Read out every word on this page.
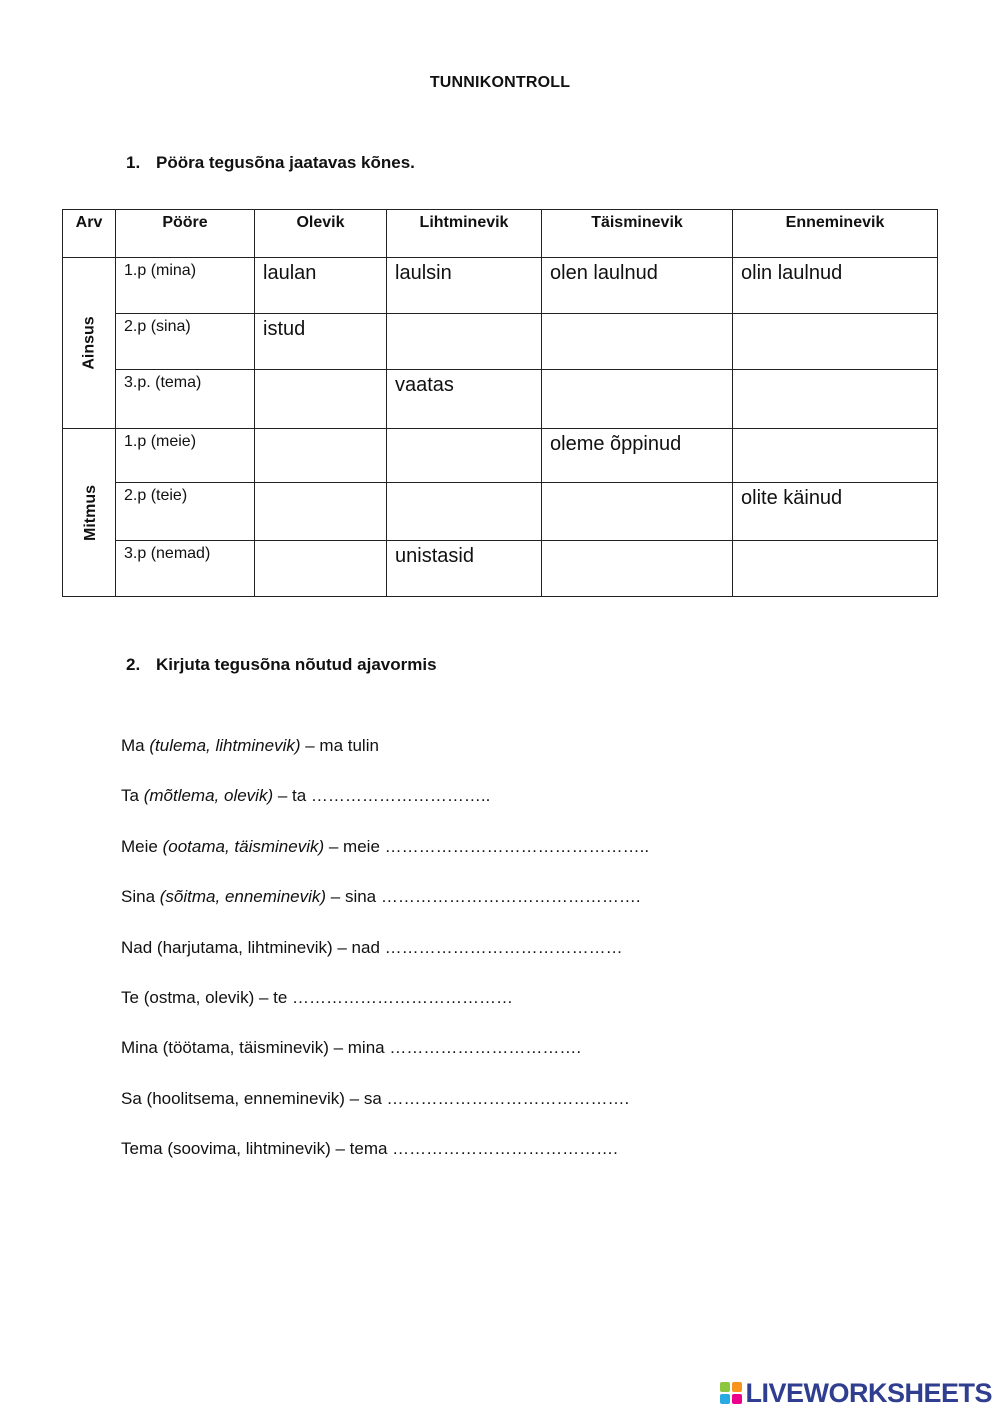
TUNNIKONTROLL
1. Pööra tegusõna jaatavas kõnes.
Arv	Pööre	Olevik	Lihtminevik	Täisminevik	Enneminevik
Ainsus	1.p (mina)	laulan	laulsin	olen laulnud	olin laulnud
	2.p (sina)	istud			
	3.p. (tema)		vaatas		
Mitmus	1.p (meie)			oleme õppinud	
	2.p (teie)				olite käinud
	3.p (nemad)		unistasid		
2. Kirjuta tegusõna nõutud ajavormis
Ma (tulema, lihtminevik) – ma tulin
Ta (mõtlema, olevik) – ta …………………………..
Meie (ootama, täisminevik) – meie ………………………………………..
Sina (sõitma, enneminevik) – sina ……………………………………….
Nad (harjutama, lihtminevik) – nad ……………………………………
Te (ostma, olevik) – te …………………………………
Mina (töötama, täisminevik) – mina …………………………….
Sa (hoolitsema, enneminevik) – sa …………………………………….
Tema (soovima, lihtminevik) – tema ………………………………….
LIVEWORKSHEETS
